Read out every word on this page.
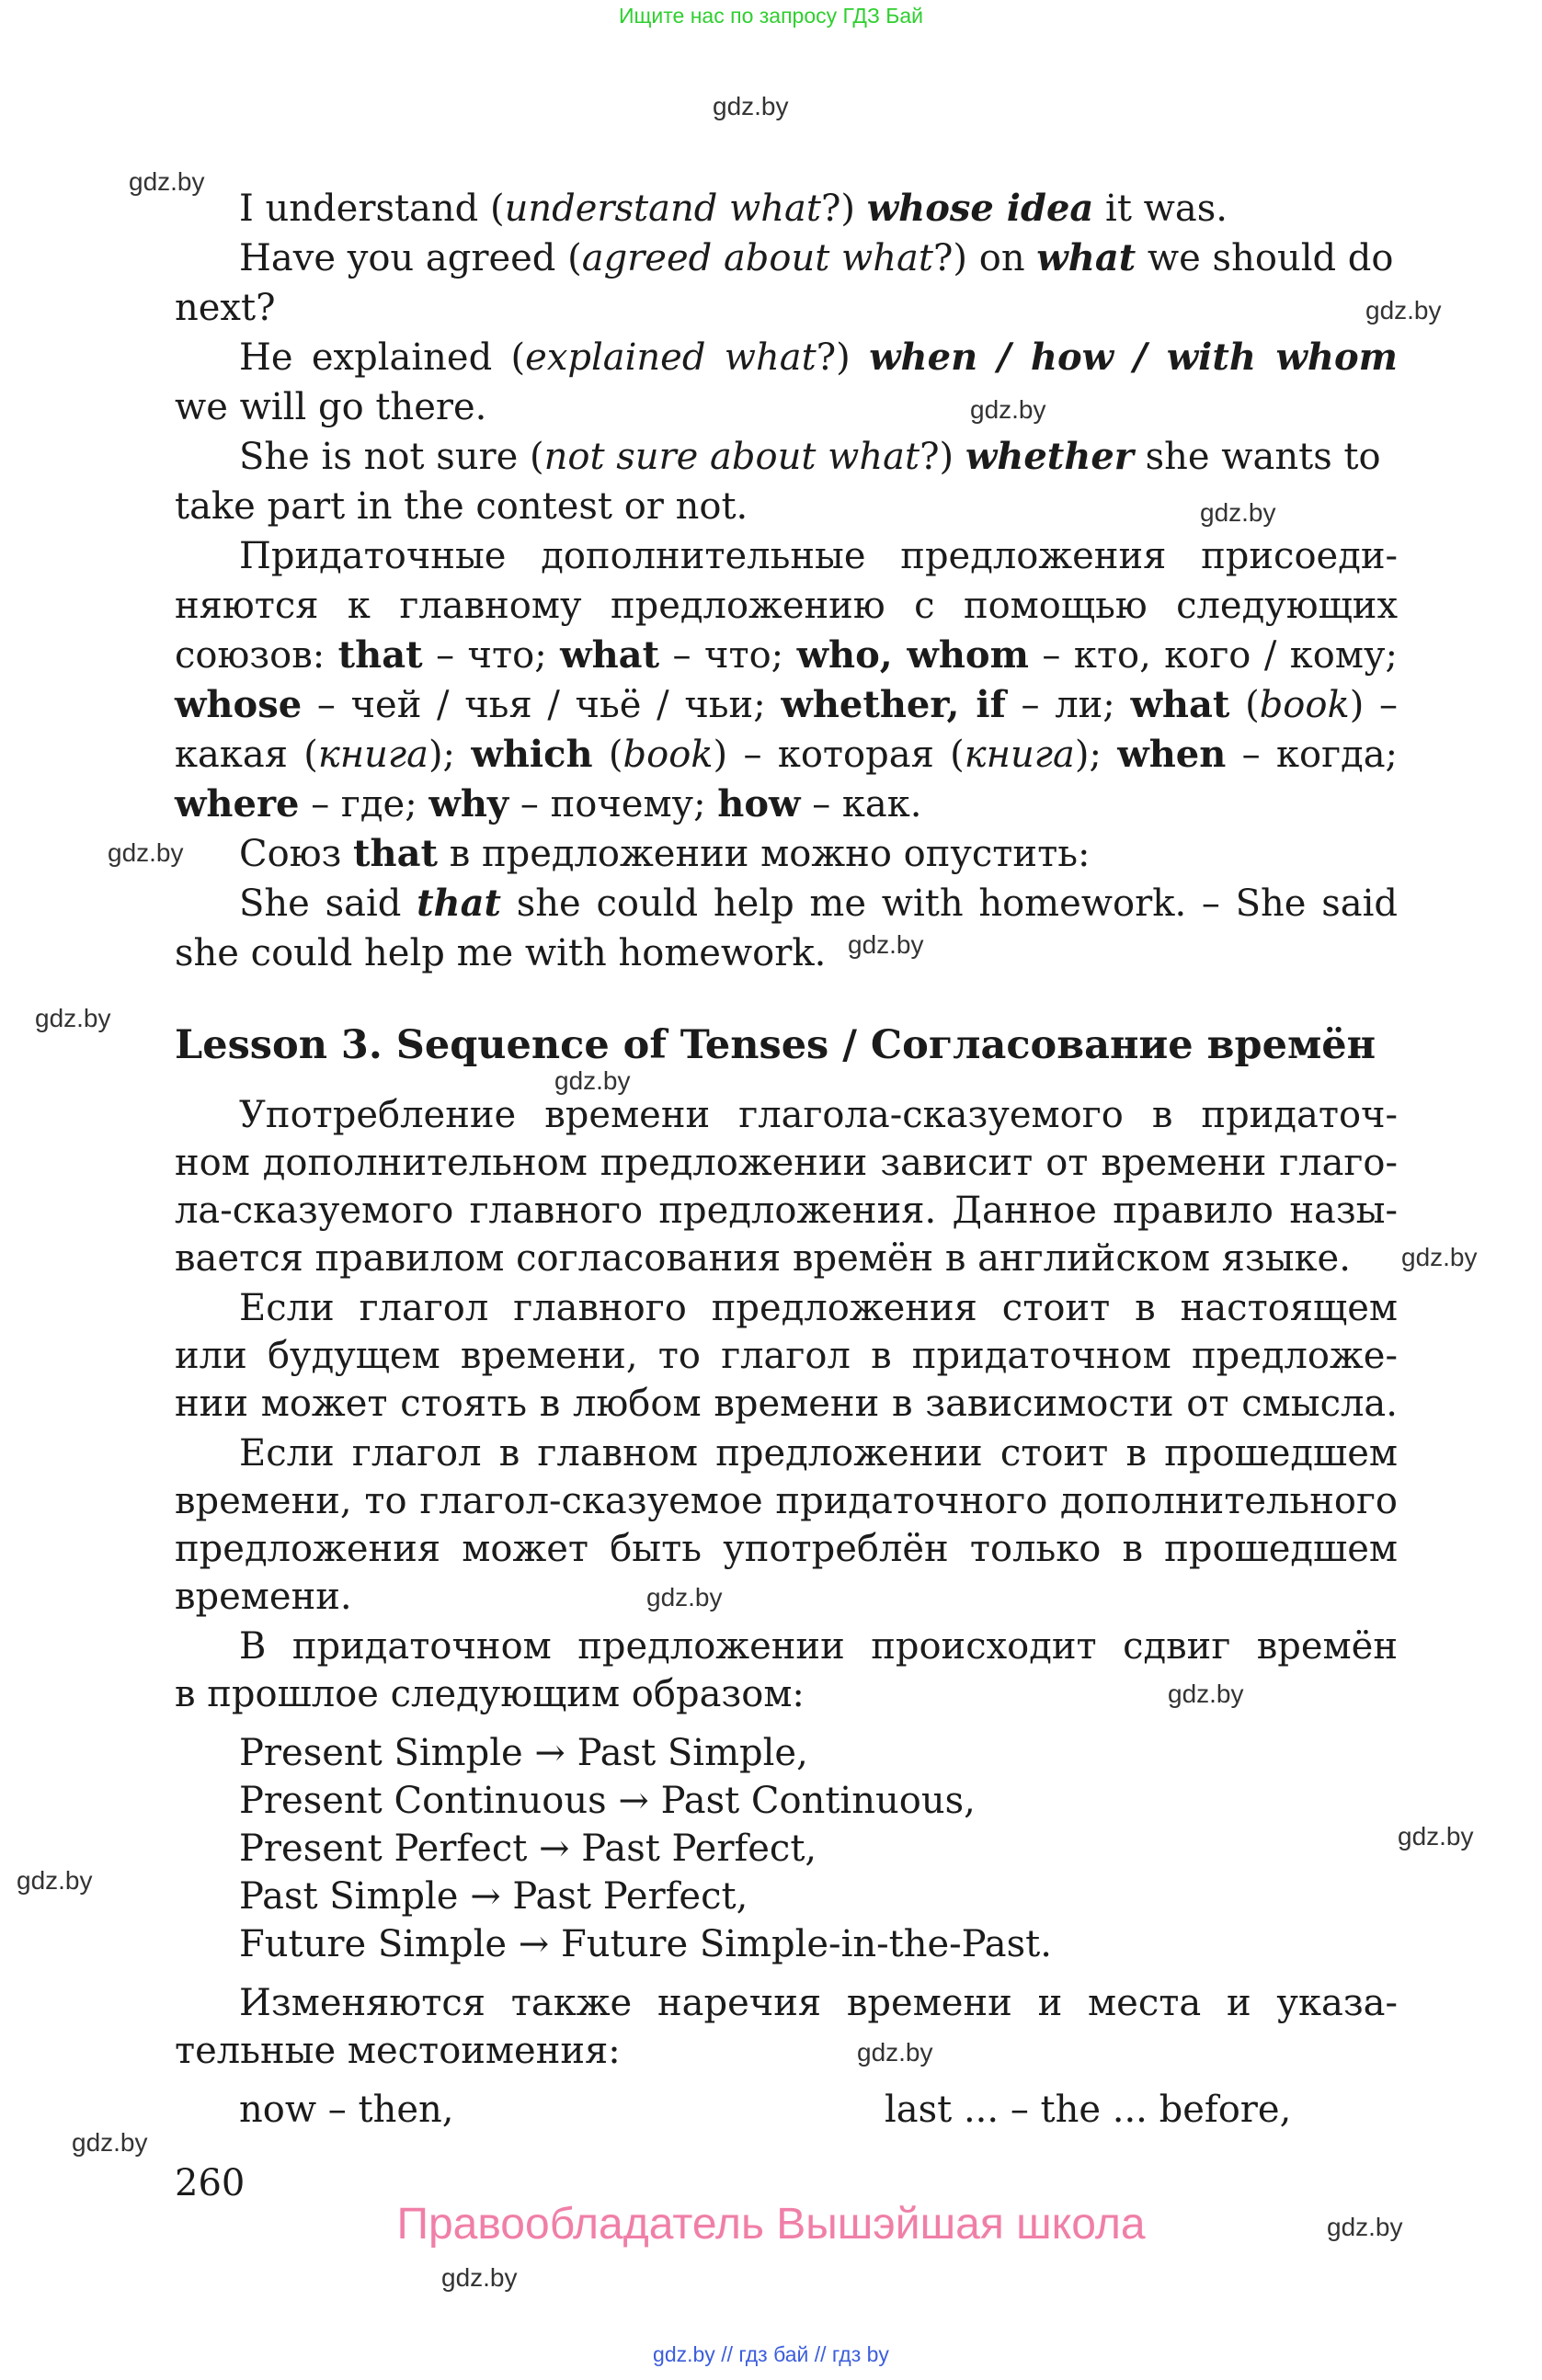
Ищите нас по запросу ГДЗ Бай
gdz.by
gdz.by
gdz.by
gdz.by
gdz.by
gdz.by
gdz.by
gdz.by
gdz.by
gdz.by
gdz.by
gdz.by
gdz.by
gdz.by
gdz.by
gdz.by
gdz.by
gdz.by
I understand (understand what?) whose idea it was.
Have you agreed (agreed about what?) on what we should do
next?
He explained (explained what?) when / how / with whom
we will go there.
She is not sure (not sure about what?) whether she wants to
take part in the contest or not.
Придаточные дополнительные предложения присоеди-
няются к главному предложению с помощью следующих
союзов: that – что; what – что; who, whom – кто, кого / кому;
whose – чей / чья / чьё / чьи; whether, if – ли; what (book) –
какая (книга); which (book) – которая (книга); when – когда;
where – где; why – почему; how – как.
Союз that в предложении можно опустить:
She said that she could help me with homework. – She said
she could help me with homework.
Lesson 3. Sequence of Tenses / Согласование времён
Употребление времени глагола-сказуемого в придаточ-
ном дополнительном предложении зависит от времени глаго-
ла-сказуемого главного предложения. Данное правило назы-
вается правилом согласования времён в английском языке.
Если глагол главного предложения стоит в настоящем
или будущем времени, то глагол в придаточном предложе-
нии может стоять в любом времени в зависимости от смысла.
Если глагол в главном предложении стоит в прошедшем
времени, то глагол-сказуемое придаточного дополнительного
предложения может быть употреблён только в прошедшем
времени.
В придаточном предложении происходит сдвиг времён
в прошлое следующим образом:
Present Simple → Past Simple,
Present Continuous → Past Continuous,
Present Perfect → Past Perfect,
Past Simple → Past Perfect,
Future Simple → Future Simple-in-the-Past.
Изменяются также наречия времени и места и указа-
тельные местоимения:
now – then,	last ... – the ... before,
260
Правообладатель Вышэйшая школа
gdz.by // гдз бай // гдз by
